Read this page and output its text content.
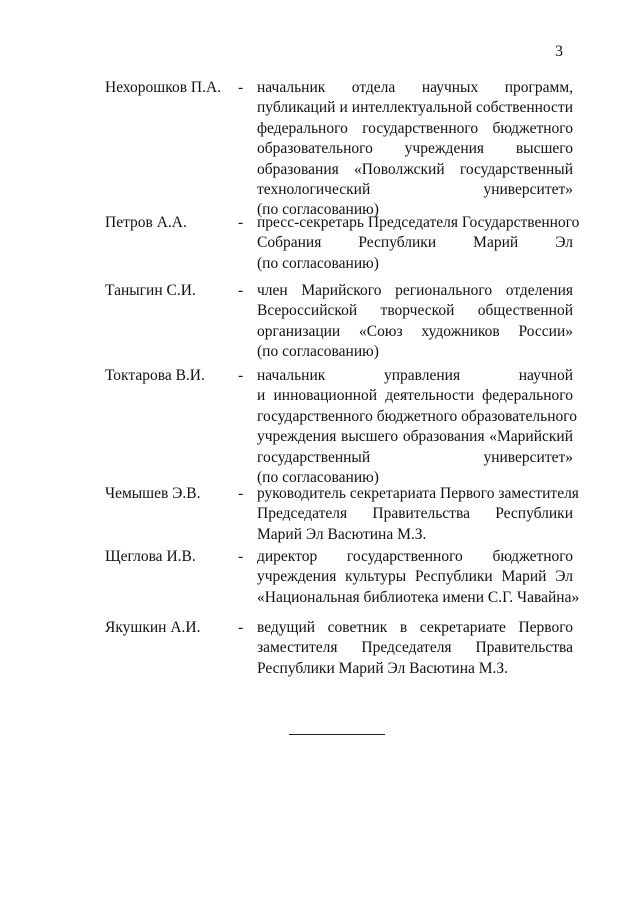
3
Нехорошков П.А. - начальник отдела научных программ,
публикаций и интеллектуальной собственности
федерального государственного бюджетного
образовательного учреждения высшего
образования «Поволжский государственный
технологический университет»
(по согласованию)
Петров А.А.	- пресс-секретарь Председателя Государственного
Собрания Республики Марий Эл
(по согласованию)
Таныгин С.И.	- член Марийского регионального отделения
Всероссийской творческой общественной
организации «Союз художников России»
(по согласованию)
Токтарова В.И. - начальник управления научной
и инновационной деятельности федерального
государственного бюджетного образовательного
учреждения высшего образования «Марийский
государственный университет»
(по согласованию)
Чемышев Э.В. - руководитель секретариата Первого заместителя
Председателя Правительства Республики
Марий Эл Васютина М.З.
Щеглова И.В.	- директор государственного бюджетного
учреждения культуры Республики Марий Эл
«Национальная библиотека имени С.Г. Чавайна»
Якушкин А.И. - ведущий советник в секретариате Первого
заместителя Председателя Правительства
Республики Марий Эл Васютина М.З.
